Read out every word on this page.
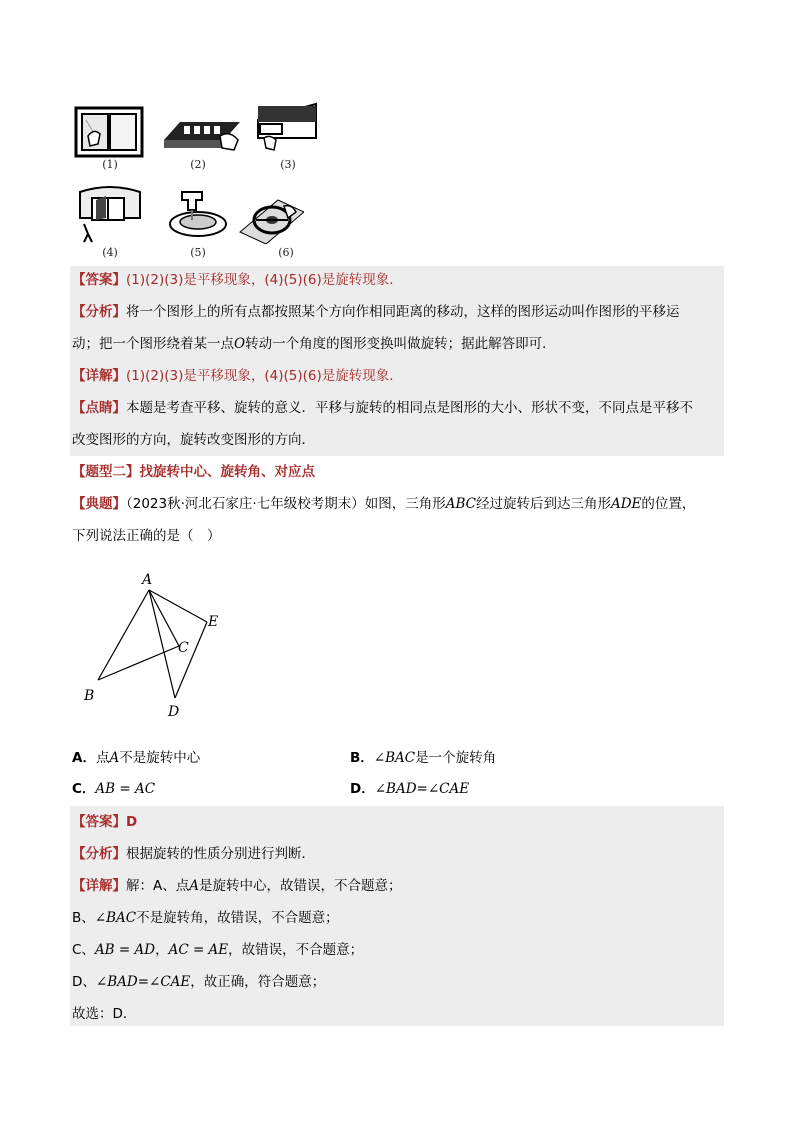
(1)	(2)	(3)
(4)	(5)	(6)
【答案】(1)(2)(3)是平移现象，(4)(5)(6)是旋转现象．
【分析】将一个图形上的所有点都按照某个方向作相同距离的移动，这样的图形运动叫作图形的平移运
动；把一个图形绕着某一点O转动一个角度的图形变换叫做旋转；据此解答即可．
【详解】(1)(2)(3)是平移现象，(4)(5)(6)是旋转现象．
【点睛】本题是考查平移、旋转的意义．平移与旋转的相同点是图形的大小、形状不变，不同点是平移不
改变图形的方向，旋转改变图形的方向．
【题型二】找旋转中心、旋转角、对应点
【典题】（2023秋·河北石家庄·七年级校考期末）如图，三角形ABC经过旋转后到达三角形ADE的位置，
下列说法正确的是（　）
A
B
C
D
E
A．点A不是旋转中心	B．∠BAC是一个旋转角
C．AB = AC	D．∠BAD=∠CAE
【答案】D
【分析】根据旋转的性质分别进行判断．
【详解】解：A、点A是旋转中心，故错误，不合题意；
B、∠BAC不是旋转角，故错误，不合题意；
C、AB = AD，AC = AE，故错误，不合题意；
D、∠BAD=∠CAE，故正确，符合题意；
故选：D．
